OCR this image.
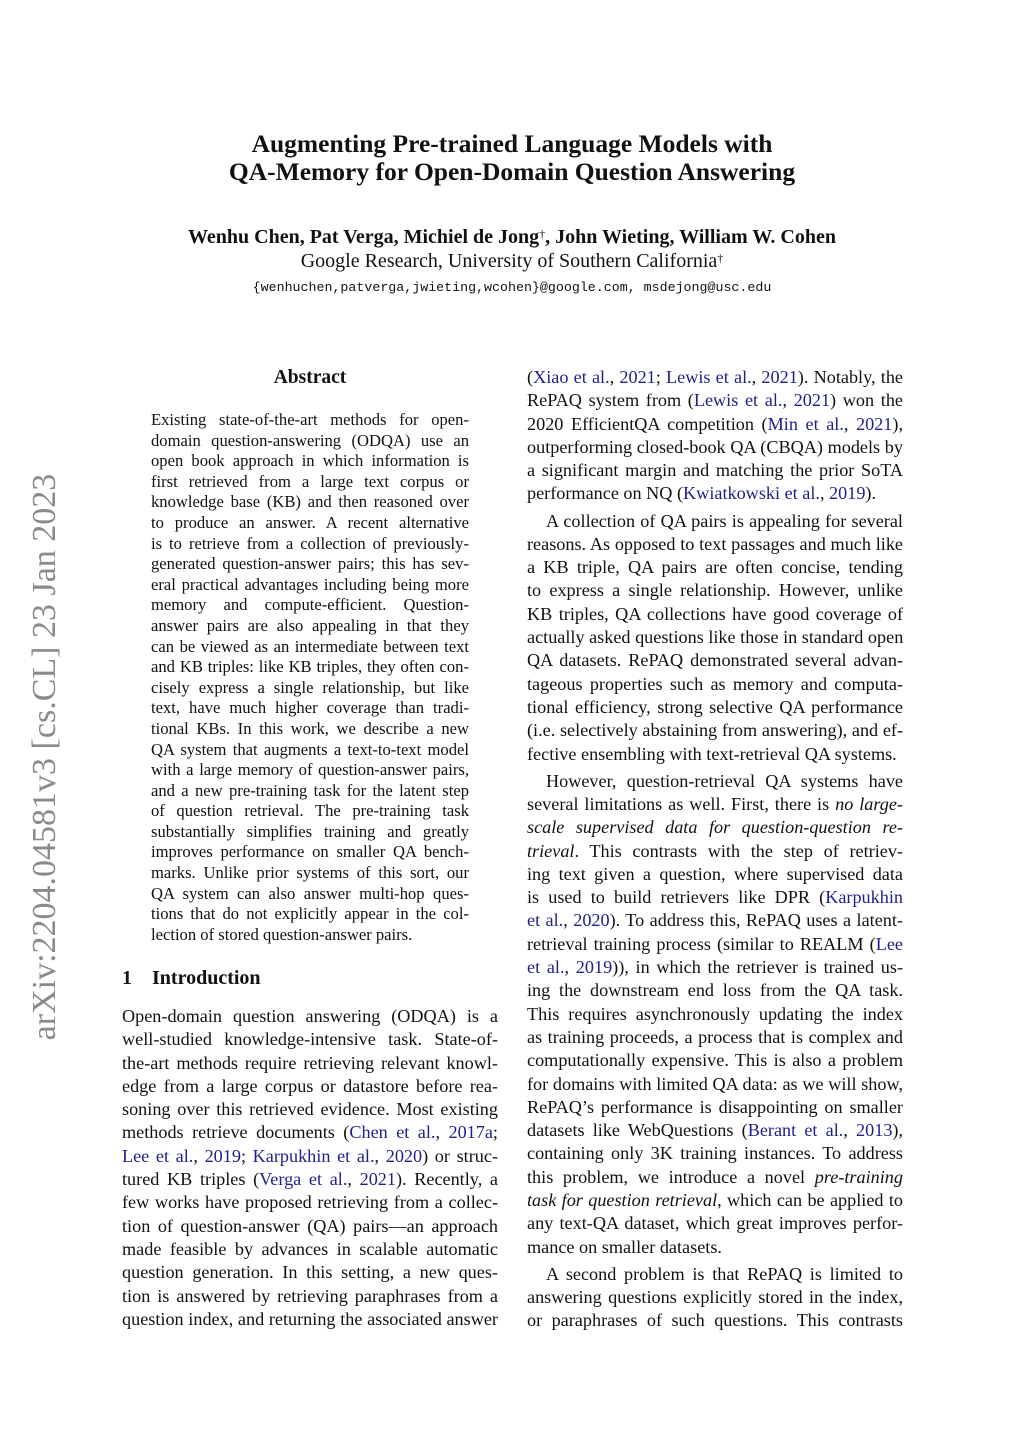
Augmenting Pre-trained Language Models with
QA-Memory for Open-Domain Question Answering
Wenhu Chen, Pat Verga, Michiel de Jong†, John Wieting, William W. Cohen
Google Research, University of Southern California†
{wenhuchen,patverga,jwieting,wcohen}@google.com, msdejong@usc.edu
arXiv:2204.04581v3 [cs.CL] 23 Jan 2023
Abstract
Existing state-of-the-art methods for open-
domain question-answering (ODQA) use an
open book approach in which information is
first retrieved from a large text corpus or
knowledge base (KB) and then reasoned over
to produce an answer. A recent alternative
is to retrieve from a collection of previously-
generated question-answer pairs; this has sev-
eral practical advantages including being more
memory and compute-efficient. Question-
answer pairs are also appealing in that they
can be viewed as an intermediate between text
and KB triples: like KB triples, they often con-
cisely express a single relationship, but like
text, have much higher coverage than tradi-
tional KBs. In this work, we describe a new
QA system that augments a text-to-text model
with a large memory of question-answer pairs,
and a new pre-training task for the latent step
of question retrieval. The pre-training task
substantially simplifies training and greatly
improves performance on smaller QA bench-
marks. Unlike prior systems of this sort, our
QA system can also answer multi-hop ques-
tions that do not explicitly appear in the col-
lection of stored question-answer pairs.
1 Introduction
Open-domain question answering (ODQA) is a
well-studied knowledge-intensive task. State-of-
the-art methods require retrieving relevant knowl-
edge from a large corpus or datastore before rea-
soning over this retrieved evidence. Most existing
methods retrieve documents (Chen et al., 2017a;
Lee et al., 2019; Karpukhin et al., 2020) or struc-
tured KB triples (Verga et al., 2021). Recently, a
few works have proposed retrieving from a collec-
tion of question-answer (QA) pairs—an approach
made feasible by advances in scalable automatic
question generation. In this setting, a new ques-
tion is answered by retrieving paraphrases from a
question index, and returning the associated answer
(Xiao et al., 2021; Lewis et al., 2021). Notably, the
RePAQ system from (Lewis et al., 2021) won the
2020 EfficientQA competition (Min et al., 2021),
outperforming closed-book QA (CBQA) models by
a significant margin and matching the prior SoTA
performance on NQ (Kwiatkowski et al., 2019).
A collection of QA pairs is appealing for several
reasons. As opposed to text passages and much like
a KB triple, QA pairs are often concise, tending
to express a single relationship. However, unlike
KB triples, QA collections have good coverage of
actually asked questions like those in standard open
QA datasets. RePAQ demonstrated several advan-
tageous properties such as memory and computa-
tional efficiency, strong selective QA performance
(i.e. selectively abstaining from answering), and ef-
fective ensembling with text-retrieval QA systems.
However, question-retrieval QA systems have
several limitations as well. First, there is no large-
scale supervised data for question-question re-
trieval. This contrasts with the step of retriev-
ing text given a question, where supervised data
is used to build retrievers like DPR (Karpukhin
et al., 2020). To address this, RePAQ uses a latent-
retrieval training process (similar to REALM (Lee
et al., 2019)), in which the retriever is trained us-
ing the downstream end loss from the QA task.
This requires asynchronously updating the index
as training proceeds, a process that is complex and
computationally expensive. This is also a problem
for domains with limited QA data: as we will show,
RePAQ’s performance is disappointing on smaller
datasets like WebQuestions (Berant et al., 2013),
containing only 3K training instances. To address
this problem, we introduce a novel pre-training
task for question retrieval, which can be applied to
any text-QA dataset, which great improves perfor-
mance on smaller datasets.
A second problem is that RePAQ is limited to
answering questions explicitly stored in the index,
or paraphrases of such questions. This contrasts
